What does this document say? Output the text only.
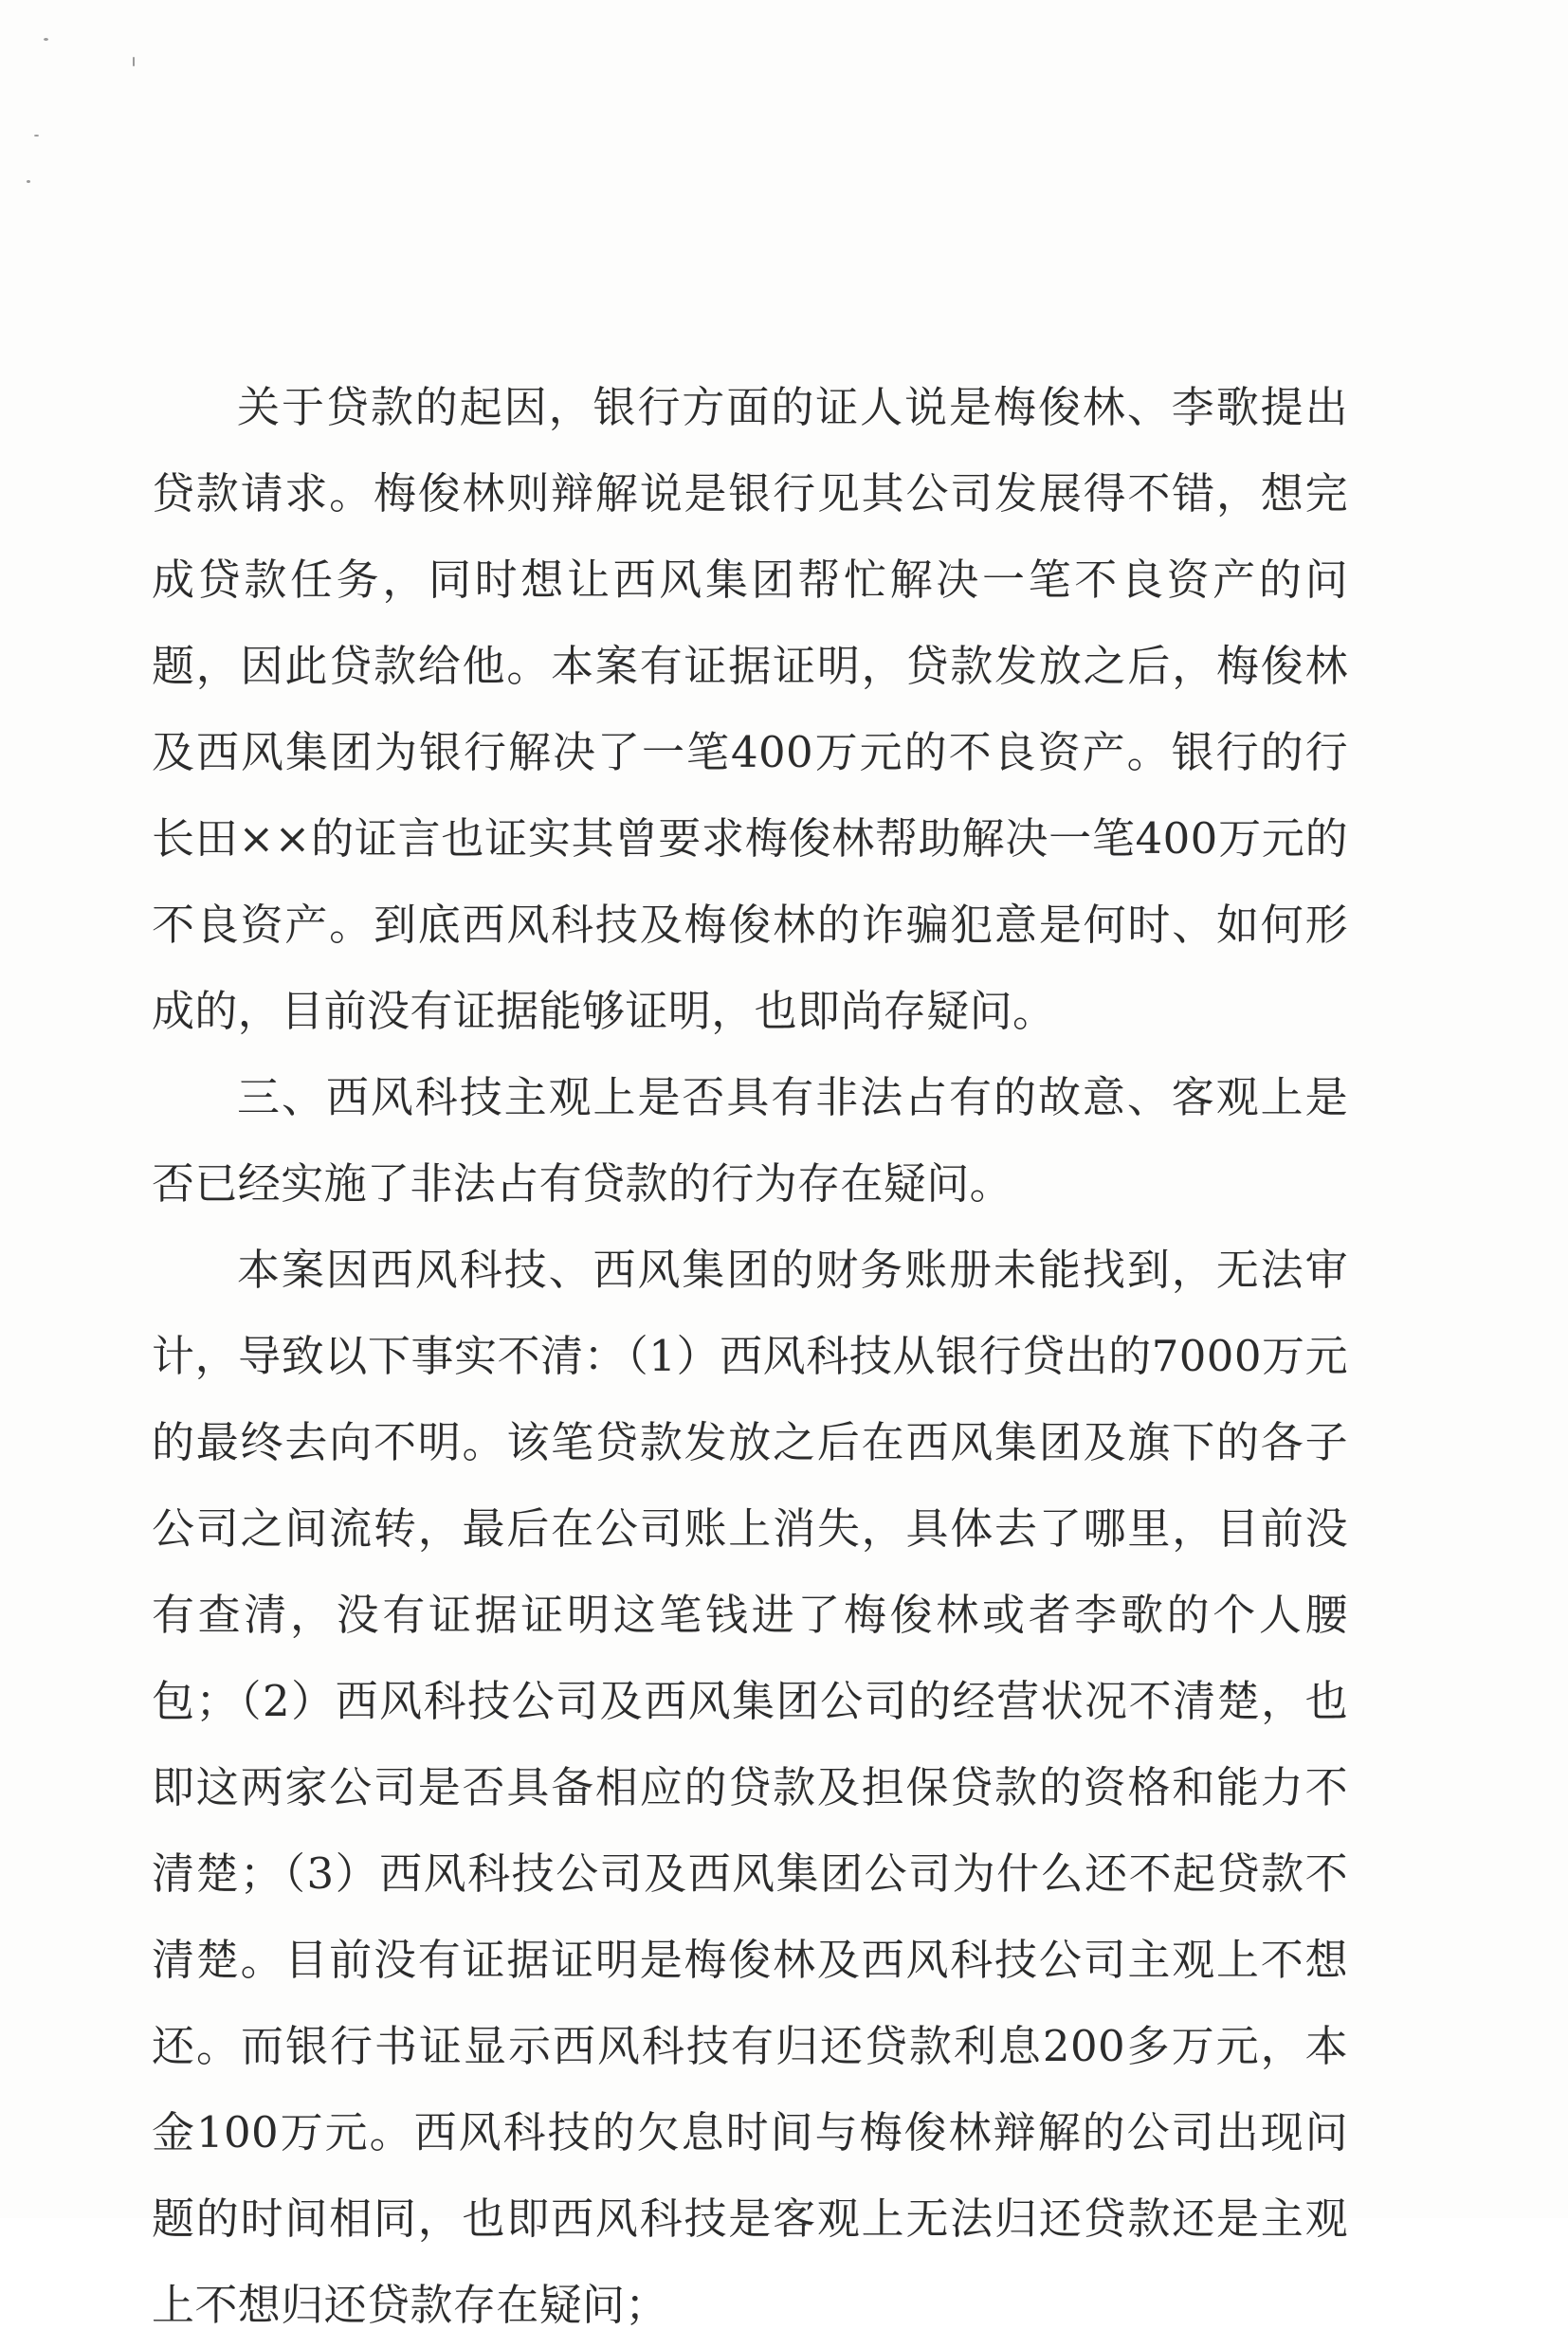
关于贷款的起因，银行方面的证人说是梅俊林、李歌提出贷款请求。梅俊林则辩解说是银行见其公司发展得不错，想完成贷款任务，同时想让西风集团帮忙解决一笔不良资产的问题，因此贷款给他。本案有证据证明，贷款发放之后，梅俊林及西风集团为银行解决了一笔400万元的不良资产。银行的行长田××的证言也证实其曾要求梅俊林帮助解决一笔400万元的不良资产。到底西风科技及梅俊林的诈骗犯意是何时、如何形成的，目前没有证据能够证明，也即尚存疑问。

三、西风科技主观上是否具有非法占有的故意、客观上是否已经实施了非法占有贷款的行为存在疑问。

本案因西风科技、西风集团的财务账册未能找到，无法审计，导致以下事实不清：（1）西风科技从银行贷出的7000万元的最终去向不明。该笔贷款发放之后在西风集团及旗下的各子公司之间流转，最后在公司账上消失，具体去了哪里，目前没有查清，没有证据证明这笔钱进了梅俊林或者李歌的个人腰包；（2）西风科技公司及西风集团公司的经营状况不清楚，也即这两家公司是否具备相应的贷款及担保贷款的资格和能力不清楚；（3）西风科技公司及西风集团公司为什么还不起贷款不清楚。目前没有证据证明是梅俊林及西风科技公司主观上不想还。而银行书证显示西风科技有归还贷款利息200多万元，本金100万元。西风科技的欠息时间与梅俊林辩解的公司出现问题的时间相同，也即西风科技是客观上无法归还贷款还是主观上不想归还贷款存在疑问；
